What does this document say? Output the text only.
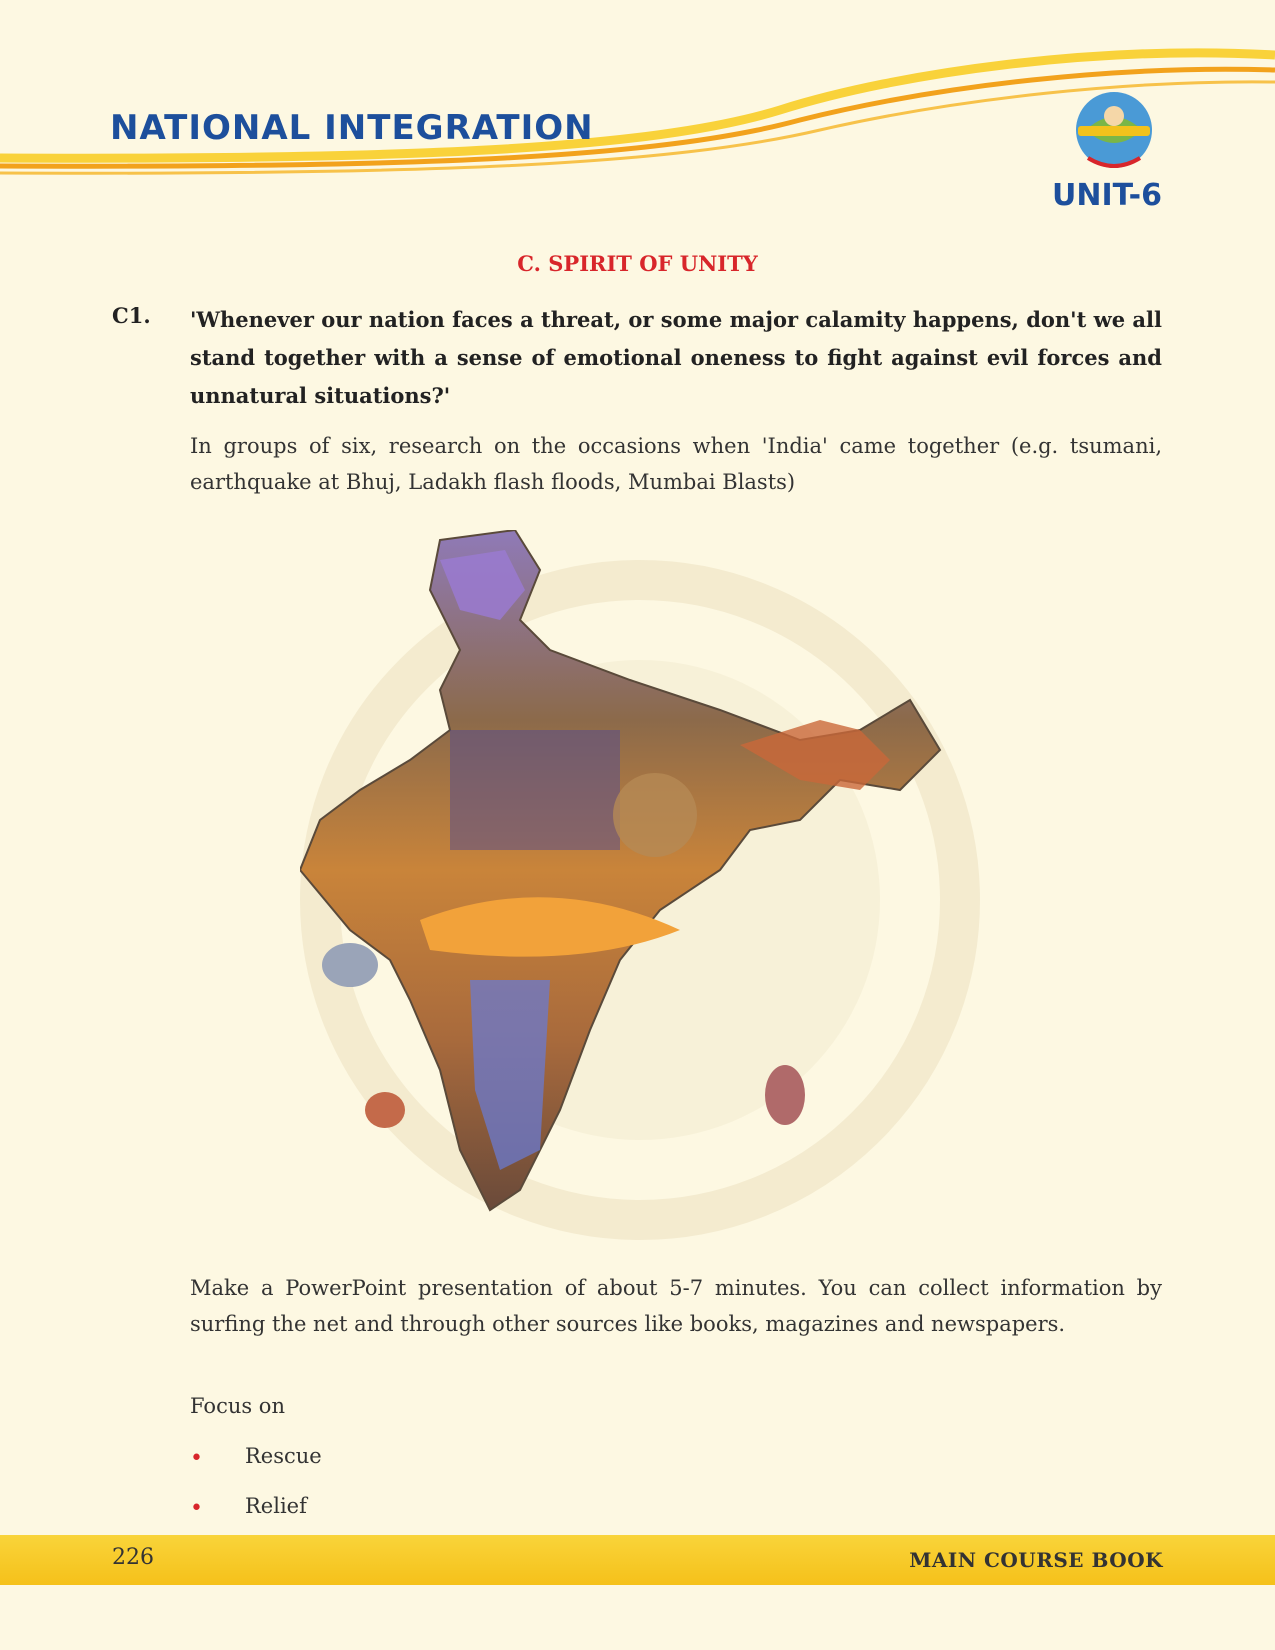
NATIONAL INTEGRATION
UNIT-6
C. SPIRIT OF UNITY
C1. 'Whenever our nation faces a threat, or some major calamity happens, don't we all stand together with a sense of emotional oneness to fight against evil forces and unnatural situations?'

In groups of six, research on the occasions when 'India' came together (e.g. tsumani, earthquake at Bhuj, Ladakh flash floods, Mumbai Blasts)

Make a PowerPoint presentation of about 5-7 minutes. You can collect information by surfing the net and through other sources like books, magazines and newspapers.

Focus on

• Rescue
• Relief
226	MAIN COURSE BOOK
